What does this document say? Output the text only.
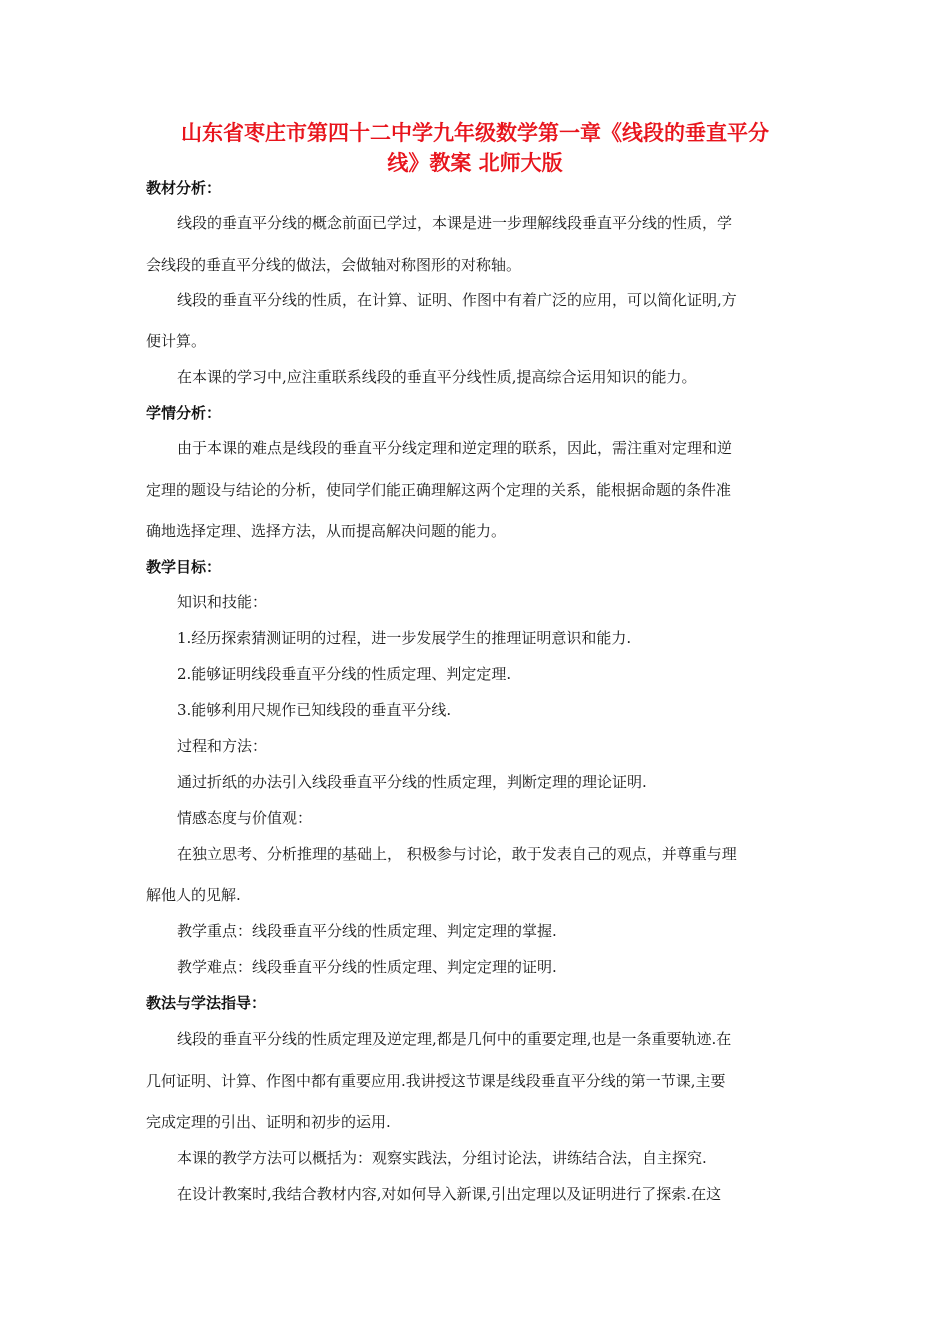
山东省枣庄市第四十二中学九年级数学第一章《线段的垂直平分
线》教案 北师大版

教材分析：

线段的垂直平分线的概念前面已学过，本课是进一步理解线段垂直平分线的性质，学

会线段的垂直平分线的做法，会做轴对称图形的对称轴。

线段的垂直平分线的性质，在计算、证明、作图中有着广泛的应用，可以简化证明,方

便计算。

在本课的学习中,应注重联系线段的垂直平分线性质,提高综合运用知识的能力。

学情分析：

由于本课的难点是线段的垂直平分线定理和逆定理的联系，因此，需注重对定理和逆

定理的题设与结论的分析，使同学们能正确理解这两个定理的关系，能根据命题的条件准

确地选择定理、选择方法，从而提高解决问题的能力。

教学目标：

知识和技能：

1.经历探索猜测证明的过程，进一步发展学生的推理证明意识和能力.

2.能够证明线段垂直平分线的性质定理、判定定理.

3.能够利用尺规作已知线段的垂直平分线.

过程和方法：

通过折纸的办法引入线段垂直平分线的性质定理，判断定理的理论证明.

情感态度与价值观：

在独立思考、分析推理的基础上， 积极参与讨论，敢于发表自己的观点，并尊重与理

解他人的见解.

教学重点：线段垂直平分线的性质定理、判定定理的掌握.

教学难点：线段垂直平分线的性质定理、判定定理的证明.

教法与学法指导：

线段的垂直平分线的性质定理及逆定理,都是几何中的重要定理,也是一条重要轨迹.在

几何证明、计算、作图中都有重要应用.我讲授这节课是线段垂直平分线的第一节课,主要

完成定理的引出、证明和初步的运用.

本课的教学方法可以概括为：观察实践法，分组讨论法，讲练结合法，自主探究.

在设计教案时,我结合教材内容,对如何导入新课,引出定理以及证明进行了探索.在这
